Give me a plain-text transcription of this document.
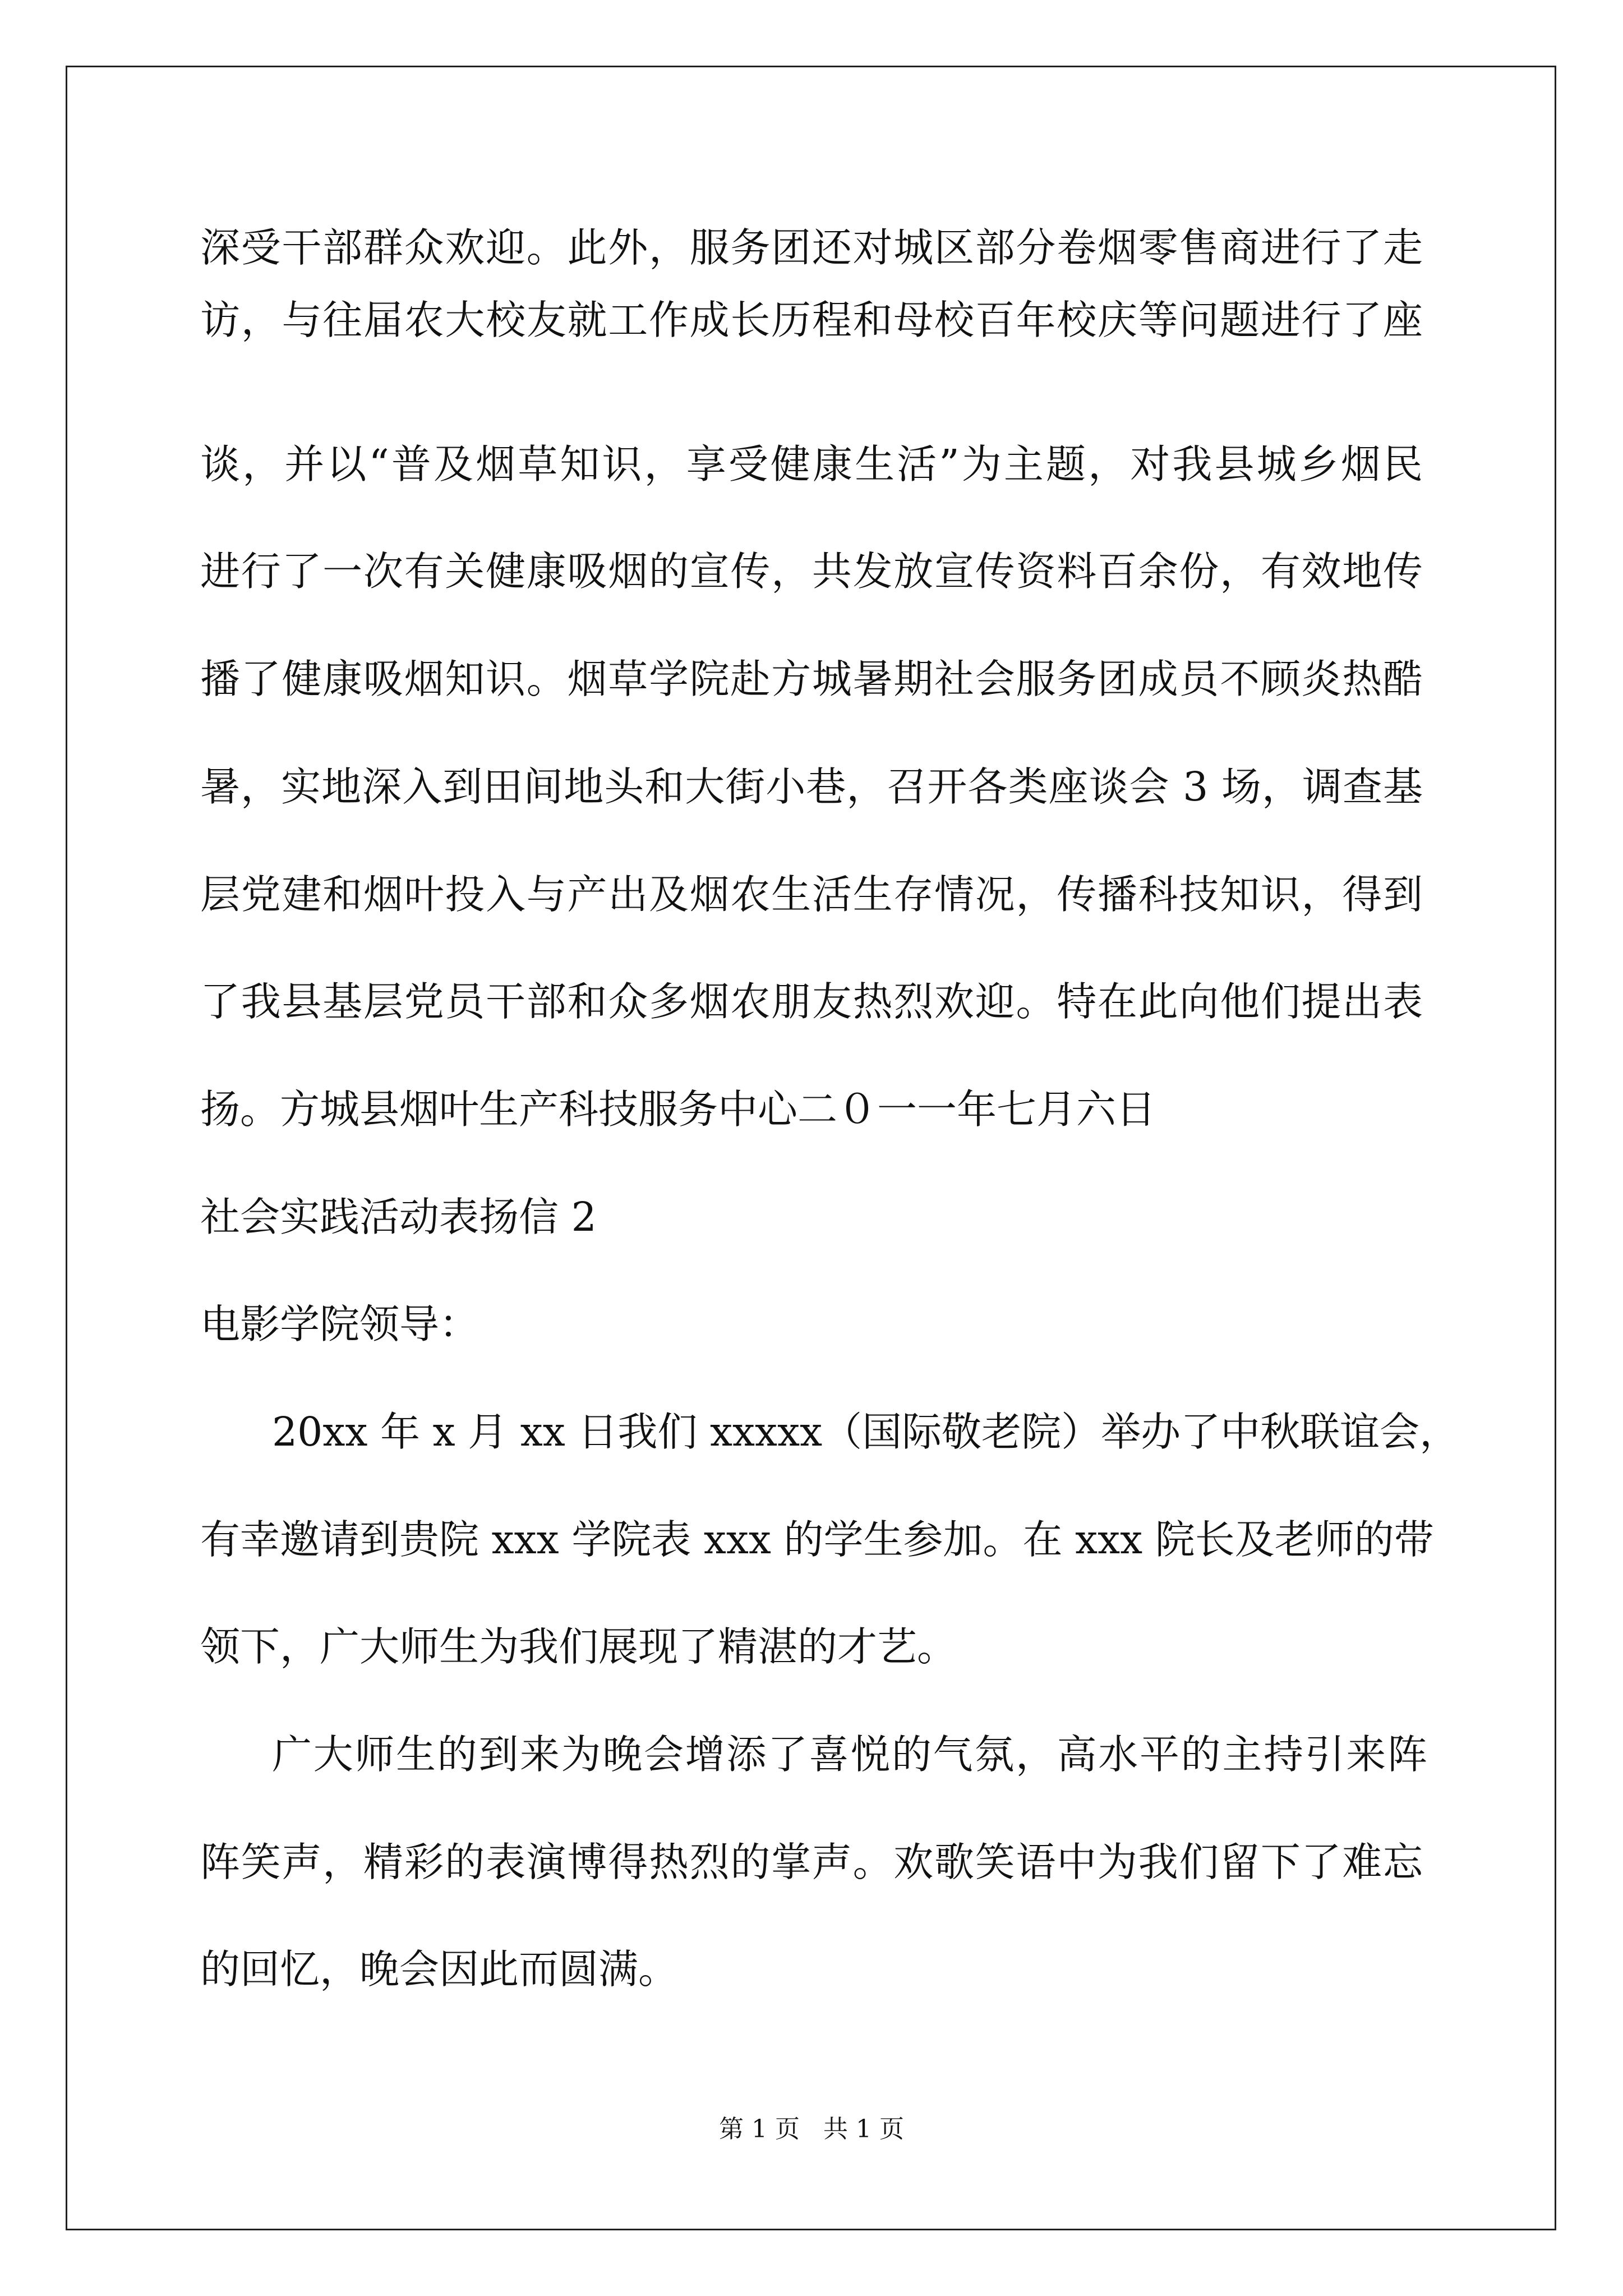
深受干部群众欢迎。此外，服务团还对城区部分卷烟零售商进行了走
访，与往届农大校友就工作成长历程和母校百年校庆等问题进行了座
谈，并以“普及烟草知识，享受健康生活”为主题，对我县城乡烟民
进行了一次有关健康吸烟的宣传，共发放宣传资料百余份，有效地传
播了健康吸烟知识。烟草学院赴方城暑期社会服务团成员不顾炎热酷
暑，实地深入到田间地头和大街小巷，召开各类座谈会 3 场，调查基
层党建和烟叶投入与产出及烟农生活生存情况，传播科技知识，得到
了我县基层党员干部和众多烟农朋友热烈欢迎。特在此向他们提出表
扬。方城县烟叶生产科技服务中心二０一一年七月六日
社会实践活动表扬信 2
电影学院领导：
20xx 年 x 月 xx 日我们 xxxxx（国际敬老院）举办了中秋联谊会，
有幸邀请到贵院 xxx 学院表 xxx 的学生参加。在 xxx 院长及老师的带
领下，广大师生为我们展现了精湛的才艺。
广大师生的到来为晚会增添了喜悦的气氛，高水平的主持引来阵
阵笑声，精彩的表演博得热烈的掌声。欢歌笑语中为我们留下了难忘
的回忆，晚会因此而圆满。
第 1 页 共 1 页
